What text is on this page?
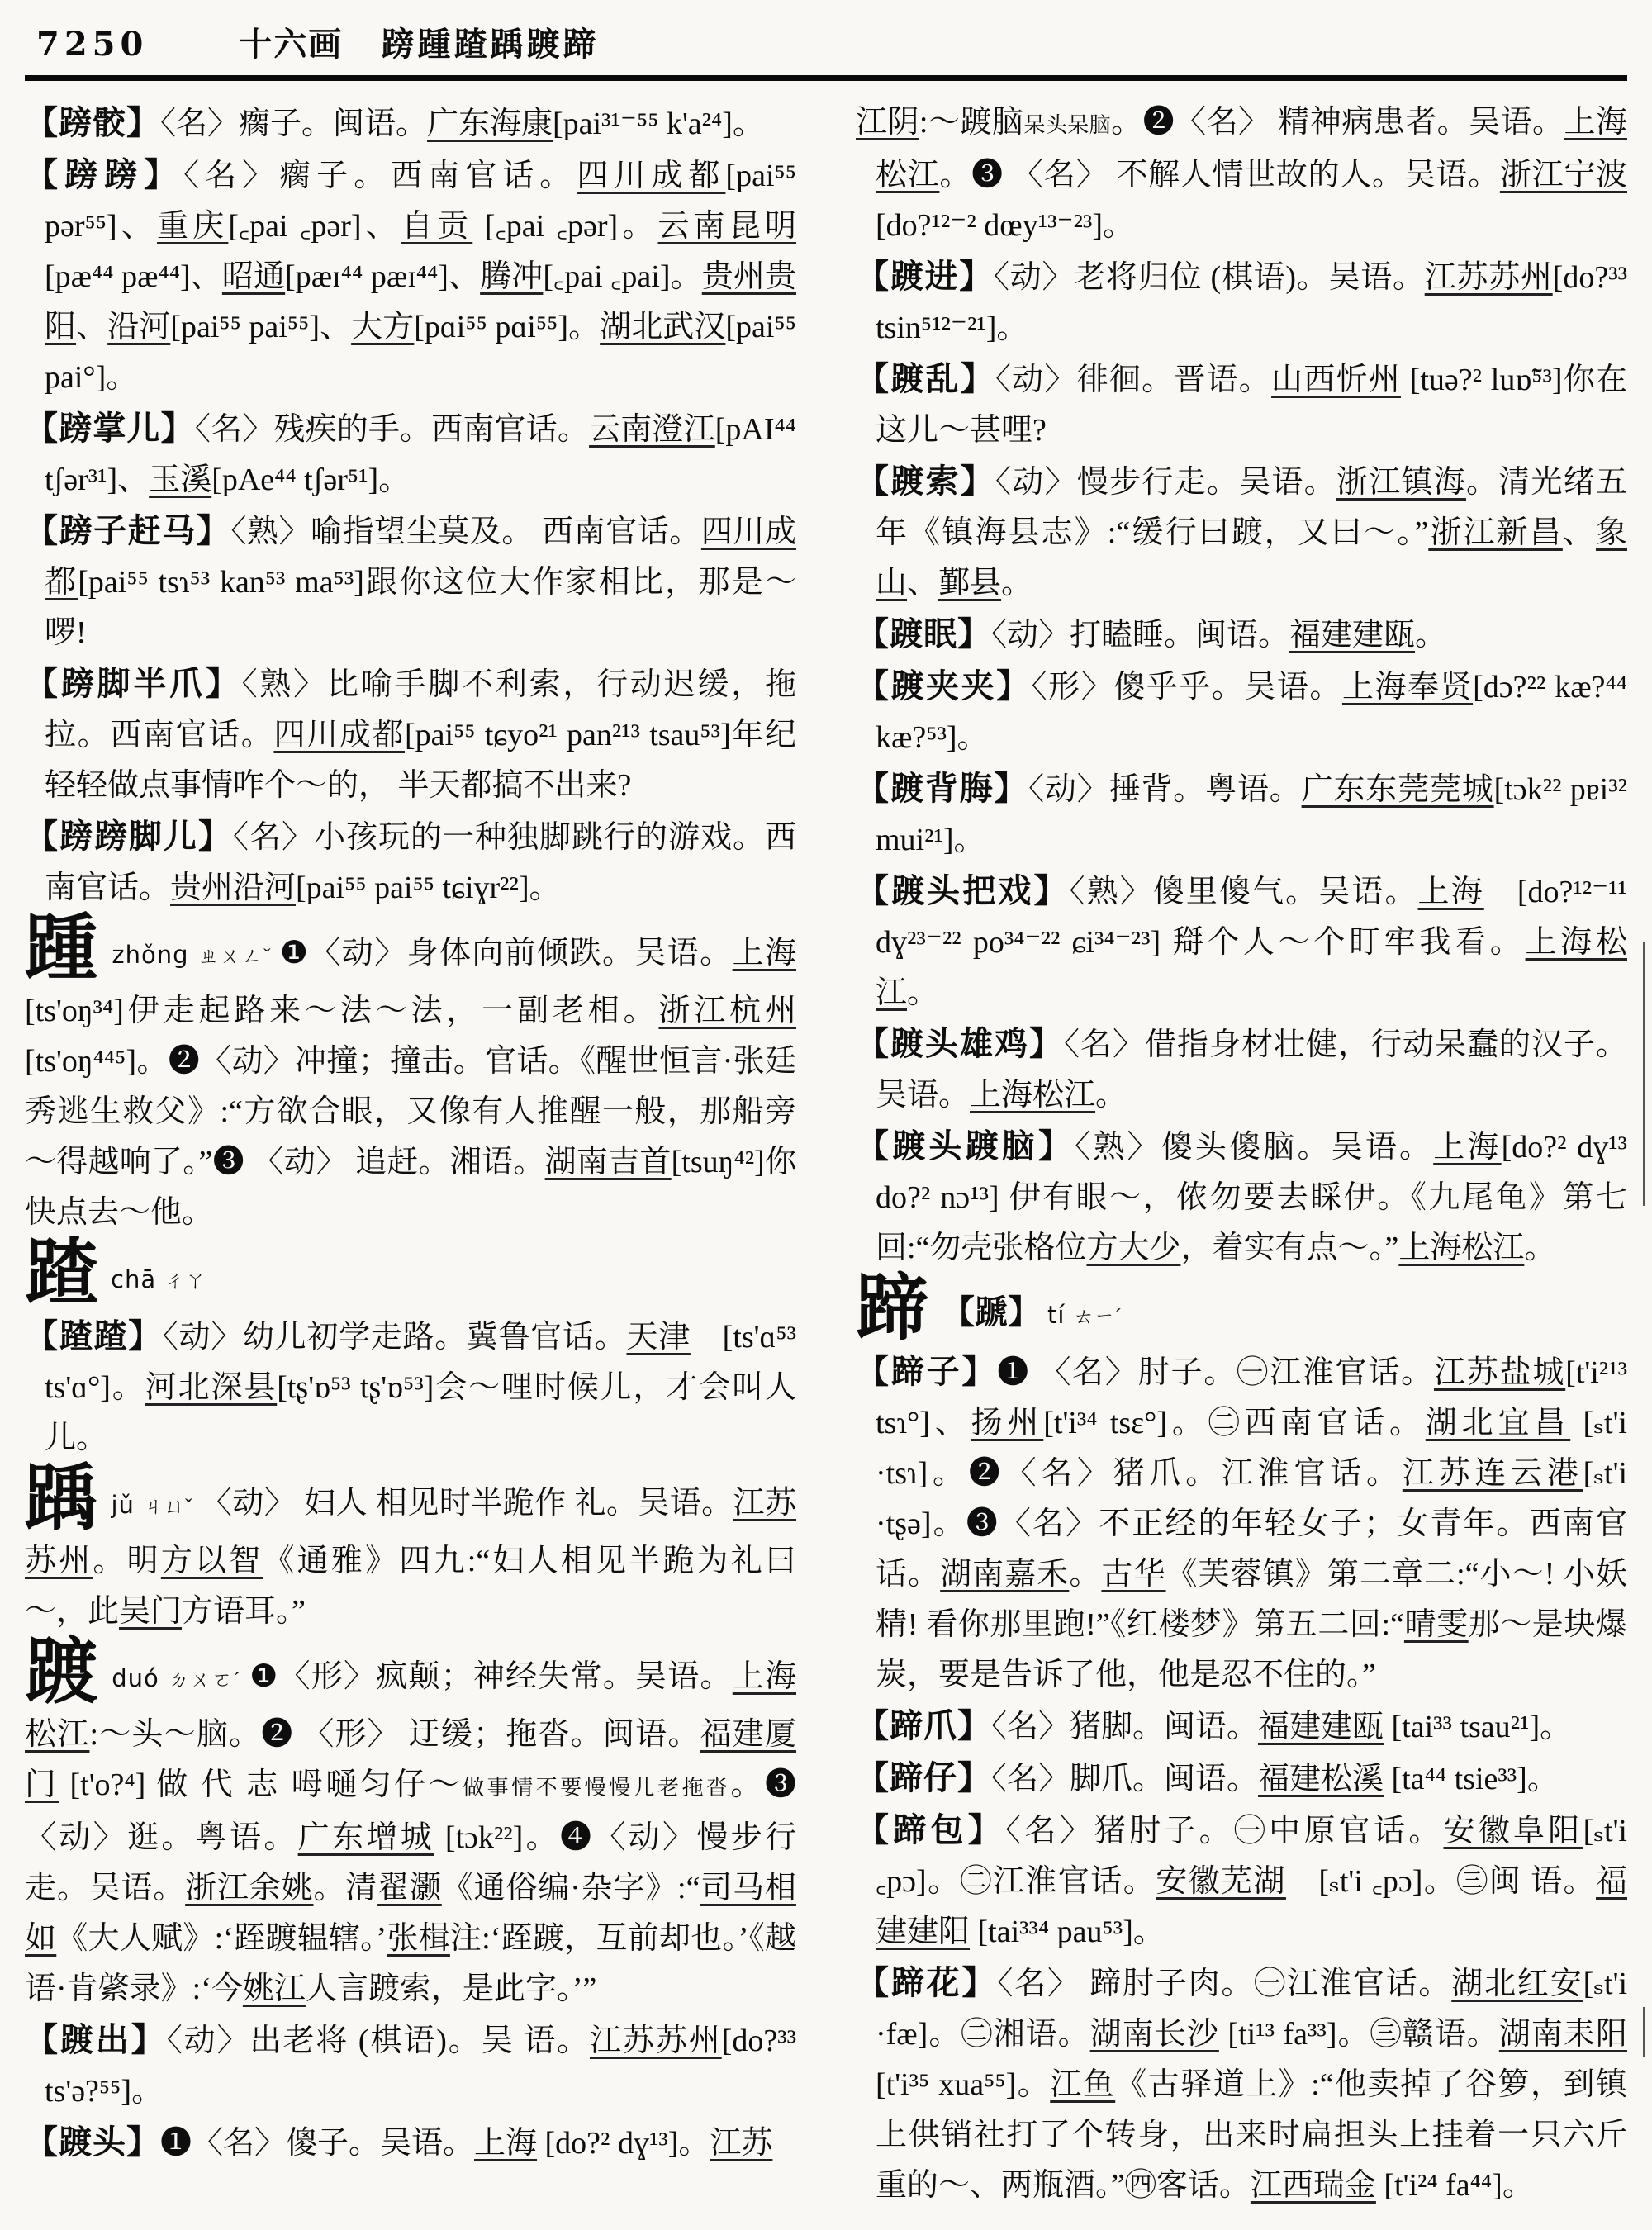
7250	十六画 䠙踵蹅踽踱蹄
【䠙骹】〈名〉瘸子。闽语。广东海康[pai³¹⁻⁵⁵ k'a²⁴]。
【䠙䠙】〈名〉瘸子。西南官话。四川成都[pai⁵⁵ pər⁵⁵]、重庆[꜀pai ꜀pər]、自贡 [꜀pai ꜀pər]。云南昆明[pæ⁴⁴ pæ⁴⁴]、昭通[pæɪ⁴⁴ pæɪ⁴⁴]、腾冲[꜀pai ꜀pai]。贵州贵阳、沿河[pai⁵⁵ pai⁵⁵]、大方[pɑi⁵⁵ pɑi⁵⁵]。湖北武汉[pai⁵⁵ pai°]。
【䠙掌儿】〈名〉残疾的手。西南官话。云南澄江[pAI⁴⁴ tʃər³¹]、玉溪[pAe⁴⁴ tʃər⁵¹]。
【䠙子赶马】〈熟〉喻指望尘莫及。 西南官话。四川成都[pai⁵⁵ tsɿ⁵³ kan⁵³ ma⁵³]跟你这位大作家相比，那是～啰!
【䠙脚半爪】〈熟〉比喻手脚不利索，行动迟缓，拖拉。西南官话。四川成都[pai⁵⁵ tɕyo²¹ pan²¹³ tsau⁵³]年纪轻轻做点事情咋个～的， 半天都搞不出来?
【䠙䠙脚儿】〈名〉小孩玩的一种独脚跳行的游戏。西南官话。贵州沿河[pai⁵⁵ pai⁵⁵ tɕiɣr²²]。
踵zhǒng ㄓㄨㄥˇ ❶〈动〉身体向前倾跌。吴语。上海[ts'oŋ³⁴]伊走起路来～法～法，一副老相。浙江杭州[ts'oŋ⁴⁴⁵]。❷〈动〉冲撞；撞击。官话。《醒世恒言·张廷秀逃生救父》:“方欲合眼，又像有人推醒一般，那船旁～得越响了。”❸ 〈动〉 追赶。湘语。湖南吉首[tsuŋ⁴²]你快点去～他。
蹅chā ㄔㄚ
【蹅蹅】〈动〉幼儿初学走路。冀鲁官话。天津　[ts'ɑ⁵³ ts'ɑ°]。河北深县[tʂ'ɒ⁵³ tʂ'ɒ⁵³]会～哩时候儿，才会叫人儿。
踽jǔ ㄐㄩˇ 〈动〉 妇人 相见时半跪作 礼。吴语。江苏苏州。明方以智《通雅》四九:“妇人相见半跪为礼曰～，此吴门方语耳。”
踱duó ㄉㄨㄛˊ ❶〈形〉疯颠；神经失常。吴语。上海松江:～头～脑。❷ 〈形〉 迂缓；拖沓。闽语。福建厦门 [t'o?⁴] 做 代 志 呣嗵匀仔～做事情不要慢慢儿老拖沓。❸〈动〉逛。粤语。广东增城 [tɔk²²]。❹〈动〉慢步行走。吴语。浙江余姚。清翟灏《通俗编·杂字》:“司马相如《大人赋》:‘跮踱辒辖。’张楫注:‘跮踱，互前却也。’《越语·肯綮录》:‘今姚江人言踱索，是此字。’”
【踱出】〈动〉出老将 (棋语)。吴 语。江苏苏州[do?³³ ts'ə?⁵⁵]。
【踱头】❶〈名〉傻子。吴语。上海 [do?² dɣ¹³]。江苏
江阴:～踱脑呆头呆脑。❷〈名〉 精神病患者。吴语。上海松江。❸ 〈名〉 不解人情世故的人。吴语。浙江宁波 [do?¹²⁻² dœy¹³⁻²³]。
【踱进】〈动〉老将归位 (棋语)。吴语。江苏苏州[do?³³ tsin⁵¹²⁻²¹]。
【踱乱】〈动〉徘徊。晋语。山西忻州 [tuə?² luɒ̃⁵³]你在这儿～甚哩?
【踱索】〈动〉慢步行走。吴语。浙江镇海。清光绪五年《镇海县志》:“缓行曰踱，又曰～。”浙江新昌、象山、鄞县。
【踱眠】〈动〉打瞌睡。闽语。福建建瓯。
【踱夹夹】〈形〉傻乎乎。吴语。上海奉贤[dɔ?²² kæ?⁴⁴ kæ?⁵³]。
【踱背脢】〈动〉捶背。粤语。广东东莞莞城[tɔk²² pɐi³² mui²¹]。
【踱头把戏】〈熟〉傻里傻气。吴语。上海　[do?¹²⁻¹¹ dɣ²³⁻²² po³⁴⁻²² ɕi³⁴⁻²³] 搿个人～个盯牢我看。上海松江。
【踱头雄鸡】〈名〉借指身材壮健，行动呆蠢的汉子。吴语。上海松江。
【踱头踱脑】〈熟〉傻头傻脑。吴语。上海[do?² dɣ¹³ do?² nɔ¹³] 伊有眼～，侬勿要去睬伊。《九尾龟》第七回:“勿壳张格位方大少，着实有点～。”上海松江。
蹄 【蹏】 tí ㄊㄧˊ
【蹄子】❶ 〈名〉肘子。㊀江淮官话。江苏盐城[t'i²¹³ tsɿ°]、扬州[t'i³⁴ tsɛ°]。㊁西南官话。湖北宜昌 [ₛt'i ·tsɿ]。❷〈名〉猪爪。江淮官话。江苏连云港[ₛt'i ·tʂə]。❸〈名〉不正经的年轻女子；女青年。西南官话。湖南嘉禾。古华《芙蓉镇》第二章二:“小～! 小妖精! 看你那里跑!”《红楼梦》第五二回:“晴雯那～是块爆炭，要是告诉了他，他是忍不住的。”
【蹄爪】〈名〉猪脚。闽语。福建建瓯 [tai³³ tsau²¹]。
【蹄仔】〈名〉脚爪。闽语。福建松溪 [ta⁴⁴ tsie³³]。
【蹄包】〈名〉猪肘子。㊀中原官话。安徽阜阳[ₛt'i ꜀pɔ]。㊁江淮官话。安徽芜湖　[ₛt'i ꜀pɔ]。㊂闽 语。福建建阳 [tai³³⁴ pau⁵³]。
【蹄花】〈名〉 蹄肘子肉。㊀江淮官话。湖北红安[ₛt'i ·fæ]。㊁湘语。湖南长沙 [ti¹³ fa³³]。㊂赣语。湖南耒阳 [t'i³⁵ xua⁵⁵]。江鱼《古驿道上》:“他卖掉了谷箩，到镇上供销社打了个转身，出来时扁担头上挂着一只六斤重的～、两瓶酒。”㊃客话。江西瑞金 [t'i²⁴ fa⁴⁴]。
